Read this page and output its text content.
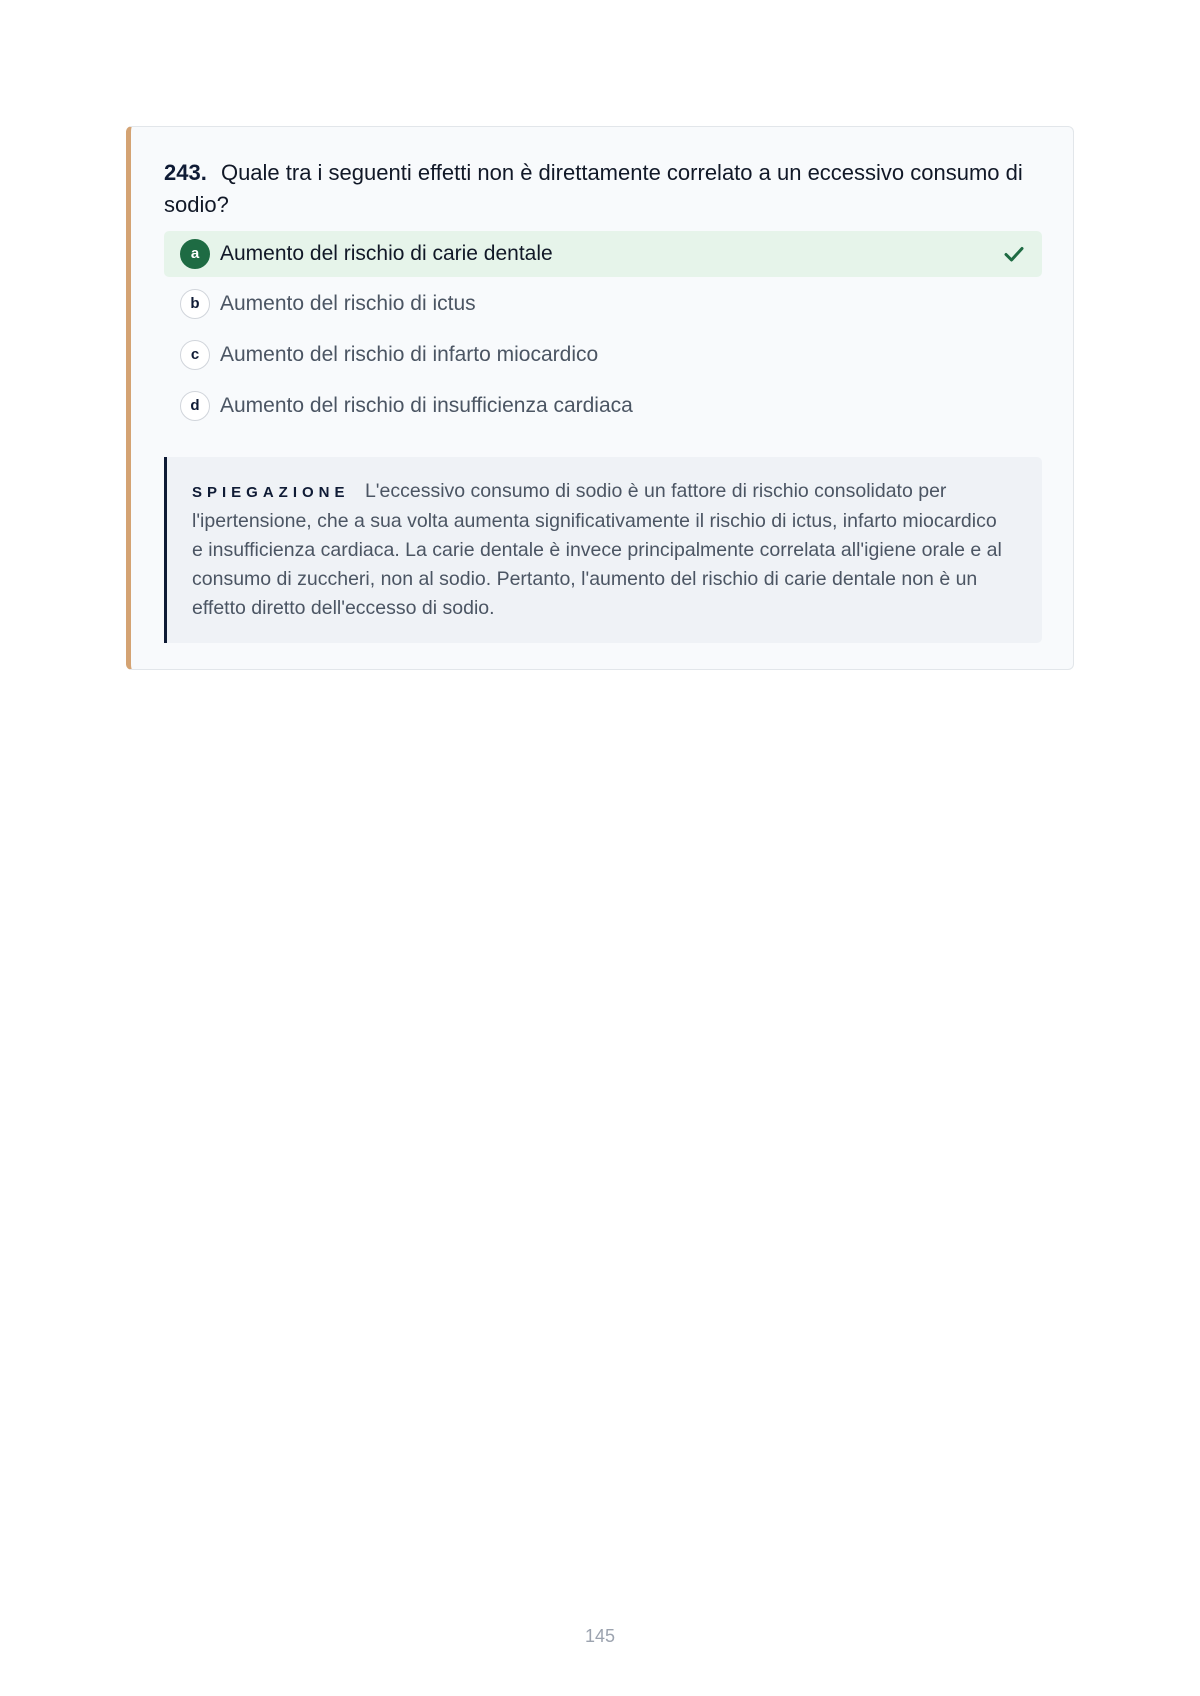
243. Quale tra i seguenti effetti non è direttamente correlato a un eccessivo consumo di sodio?
a Aumento del rischio di carie dentale
b Aumento del rischio di ictus
c Aumento del rischio di infarto miocardico
d Aumento del rischio di insufficienza cardiaca
SPIEGAZIONE L'eccessivo consumo di sodio è un fattore di rischio consolidato per l'ipertensione, che a sua volta aumenta significativamente il rischio di ictus, infarto miocardico e insufficienza cardiaca. La carie dentale è invece principalmente correlata all'igiene orale e al consumo di zuccheri, non al sodio. Pertanto, l'aumento del rischio di carie dentale non è un effetto diretto dell'eccesso di sodio.
145
